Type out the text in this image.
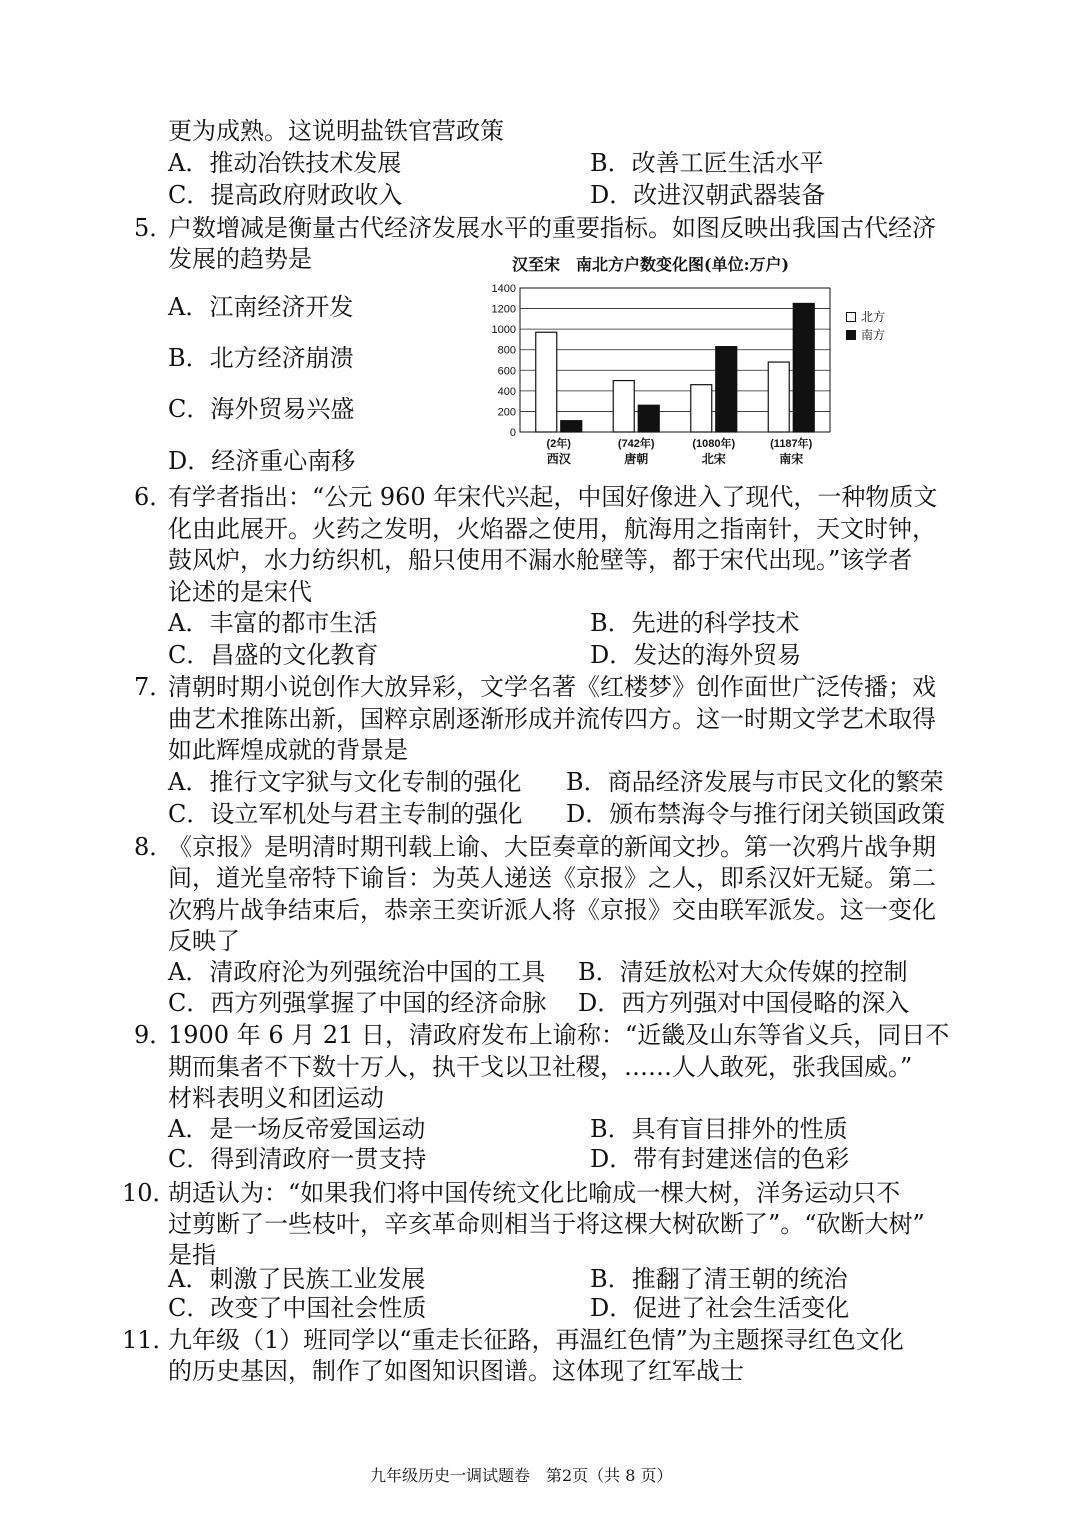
更为成熟。这说明盐铁官营政策
A．推动冶铁技术发展	B．改善工匠生活水平
C．提高政府财政收入	D．改进汉朝武器装备
5．
户数增减是衡量古代经济发展水平的重要指标。如图反映出我国古代经济
发展的趋势是
A．江南经济开发
B．北方经济崩溃
C．海外贸易兴盛
D．经济重心南移
汉至宋　南北方户数变化图(单位:万户)
0
200
400
600
800
1000
1200
1400
(2年)
西汉
(742年)
唐朝
(1080年)
北宋
(1187年)
南宋
北方
南方
6．
有学者指出：“公元 960 年宋代兴起，中国好像进入了现代，一种物质文
化由此展开。火药之发明，火焰器之使用，航海用之指南针，天文时钟，
鼓风炉，水力纺织机，船只使用不漏水舱壁等，都于宋代出现。”该学者
论述的是宋代
A．丰富的都市生活	B．先进的科学技术
C．昌盛的文化教育	D．发达的海外贸易
7．
清朝时期小说创作大放异彩，文学名著《红楼梦》创作面世广泛传播；戏
曲艺术推陈出新，国粹京剧逐渐形成并流传四方。这一时期文学艺术取得
如此辉煌成就的背景是
A．推行文字狱与文化专制的强化 B．商品经济发展与市民文化的繁荣
C．设立军机处与君主专制的强化 D．颁布禁海令与推行闭关锁国政策
8．
《京报》是明清时期刊载上谕、大臣奏章的新闻文抄。第一次鸦片战争期
间，道光皇帝特下谕旨：为英人递送《京报》之人，即系汉奸无疑。第二
次鸦片战争结束后，恭亲王奕䜣派人将《京报》交由联军派发。这一变化
反映了
A．清政府沦为列强统治中国的工具 B．清廷放松对大众传媒的控制
C．西方列强掌握了中国的经济命脉 D．西方列强对中国侵略的深入
9．
1900 年 6 月 21 日，清政府发布上谕称：“近畿及山东等省义兵，同日不
期而集者不下数十万人，执干戈以卫社稷，……人人敢死，张我国威。”
材料表明义和团运动
A．是一场反帝爱国运动	B．具有盲目排外的性质
C．得到清政府一贯支持	D．带有封建迷信的色彩
10．
胡适认为：“如果我们将中国传统文化比喻成一棵大树，洋务运动只不
过剪断了一些枝叶，辛亥革命则相当于将这棵大树砍断了”。“砍断大树”
是指
A．刺激了民族工业发展	B．推翻了清王朝的统治
C．改变了中国社会性质	D．促进了社会生活变化
11．
九年级（1）班同学以“重走长征路，再温红色情”为主题探寻红色文化
的历史基因，制作了如图知识图谱。这体现了红军战士
九年级历史一调试题卷　第2页（共 8 页）
